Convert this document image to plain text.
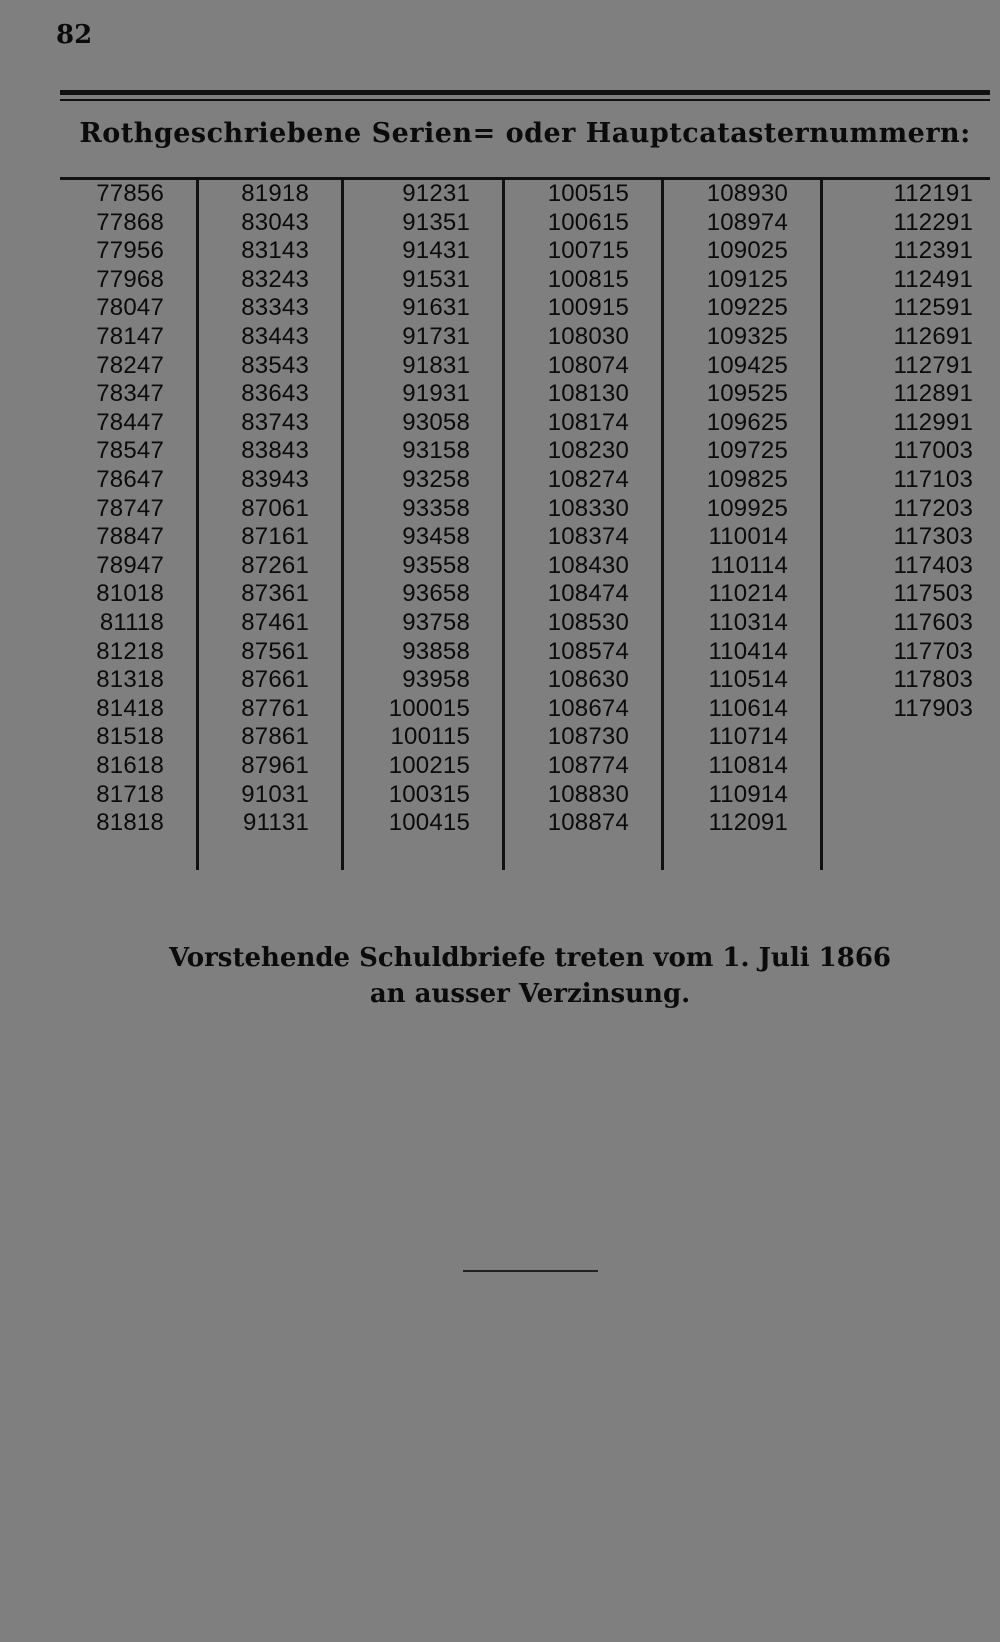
82
Rothgeschriebene Serien= oder Hauptcatasternummern:
77856
77868
77956
77968
78047
78147
78247
78347
78447
78547
78647
78747
78847
78947
81018
81118
81218
81318
81418
81518
81618
81718
81818
81918
83043
83143
83243
83343
83443
83543
83643
83743
83843
83943
87061
87161
87261
87361
87461
87561
87661
87761
87861
87961
91031
91131
91231
91351
91431
91531
91631
91731
91831
91931
93058
93158
93258
93358
93458
93558
93658
93758
93858
93958
100015
100115
100215
100315
100415
100515
100615
100715
100815
100915
108030
108074
108130
108174
108230
108274
108330
108374
108430
108474
108530
108574
108630
108674
108730
108774
108830
108874
108930
108974
109025
109125
109225
109325
109425
109525
109625
109725
109825
109925
110014
110114
110214
110314
110414
110514
110614
110714
110814
110914
112091
112191
112291
112391
112491
112591
112691
112791
112891
112991
117003
117103
117203
117303
117403
117503
117603
117703
117803
117903
Vorstehende Schuldbriefe treten vom 1. Juli 1866 an ausser Verzinsung.
